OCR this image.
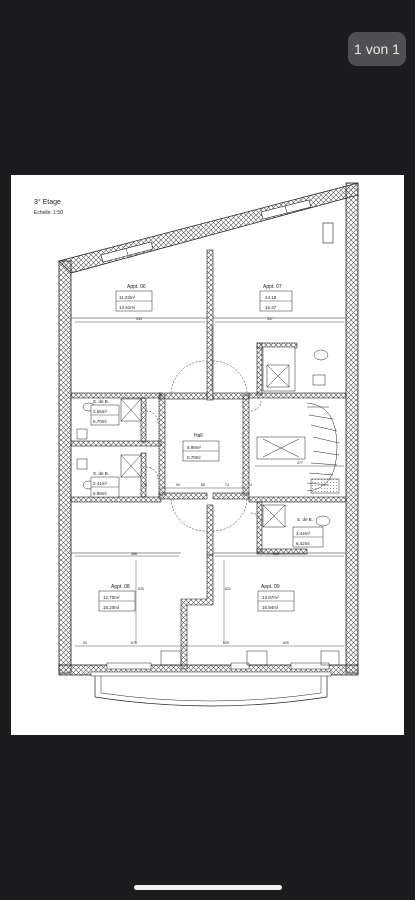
1 von 1
3° Etage
Echelle: 1:50
333	337
477
70	90	88	74	74
368	360
640	632
90	675	625	625
Appt. 06
11.23m²
13.51ml
Appt. 07
14.19
15.37
Hall
5.98m²
0.78ml
S. de B.
2.56m²
6.70ml
S. de B.
2.41m²
6.96ml
S. de B.
2.44m²
6.42ml
Appt. 08
12.70m²
15.20ml
Appt. 09
13.67m²
16.94ml
